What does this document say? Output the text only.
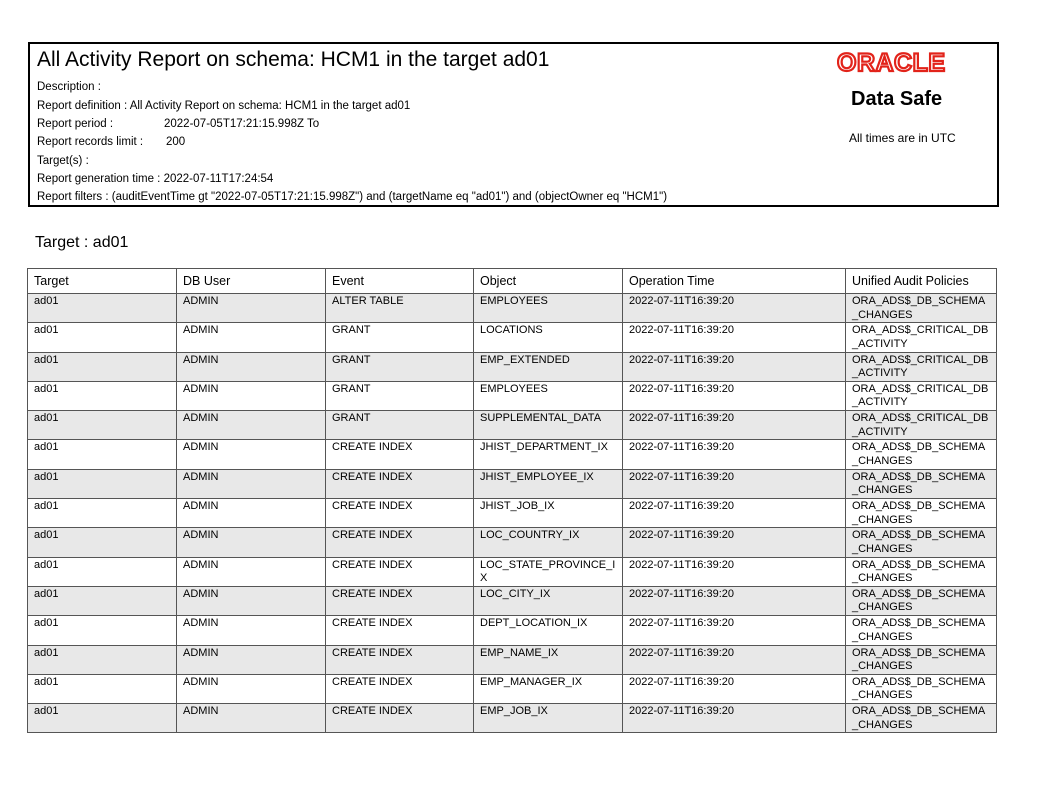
All Activity Report on schema: HCM1 in the target ad01
Description :
Report definition : All Activity Report on schema: HCM1 in the target ad01
Report period :	2022-07-05T17:21:15.998Z To
Report records limit : 200
Target(s) :
Report generation time : 2022-07-11T17:24:54
Report filters : (auditEventTime gt "2022-07-05T17:21:15.998Z") and (targetName eq "ad01") and (objectOwner eq "HCM1")
ORACLE
Data Safe
All times are in UTC
Target : ad01
Target	DB User	Event	Object	Operation Time	Unified Audit Policies
ad01	ADMIN	ALTER TABLE	EMPLOYEES	2022-07-11T16:39:20	ORA_ADS$_DB_SCHEMA_CHANGES
ad01	ADMIN	GRANT	LOCATIONS	2022-07-11T16:39:20	ORA_ADS$_CRITICAL_DB_ACTIVITY
ad01	ADMIN	GRANT	EMP_EXTENDED	2022-07-11T16:39:20	ORA_ADS$_CRITICAL_DB_ACTIVITY
ad01	ADMIN	GRANT	EMPLOYEES	2022-07-11T16:39:20	ORA_ADS$_CRITICAL_DB_ACTIVITY
ad01	ADMIN	GRANT	SUPPLEMENTAL_DATA	2022-07-11T16:39:20	ORA_ADS$_CRITICAL_DB_ACTIVITY
ad01	ADMIN	CREATE INDEX	JHIST_DEPARTMENT_IX	2022-07-11T16:39:20	ORA_ADS$_DB_SCHEMA_CHANGES
ad01	ADMIN	CREATE INDEX	JHIST_EMPLOYEE_IX	2022-07-11T16:39:20	ORA_ADS$_DB_SCHEMA_CHANGES
ad01	ADMIN	CREATE INDEX	JHIST_JOB_IX	2022-07-11T16:39:20	ORA_ADS$_DB_SCHEMA_CHANGES
ad01	ADMIN	CREATE INDEX	LOC_COUNTRY_IX	2022-07-11T16:39:20	ORA_ADS$_DB_SCHEMA_CHANGES
ad01	ADMIN	CREATE INDEX	LOC_STATE_PROVINCE_IX	2022-07-11T16:39:20	ORA_ADS$_DB_SCHEMA_CHANGES
ad01	ADMIN	CREATE INDEX	LOC_CITY_IX	2022-07-11T16:39:20	ORA_ADS$_DB_SCHEMA_CHANGES
ad01	ADMIN	CREATE INDEX	DEPT_LOCATION_IX	2022-07-11T16:39:20	ORA_ADS$_DB_SCHEMA_CHANGES
ad01	ADMIN	CREATE INDEX	EMP_NAME_IX	2022-07-11T16:39:20	ORA_ADS$_DB_SCHEMA_CHANGES
ad01	ADMIN	CREATE INDEX	EMP_MANAGER_IX	2022-07-11T16:39:20	ORA_ADS$_DB_SCHEMA_CHANGES
ad01	ADMIN	CREATE INDEX	EMP_JOB_IX	2022-07-11T16:39:20	ORA_ADS$_DB_SCHEMA_CHANGES
